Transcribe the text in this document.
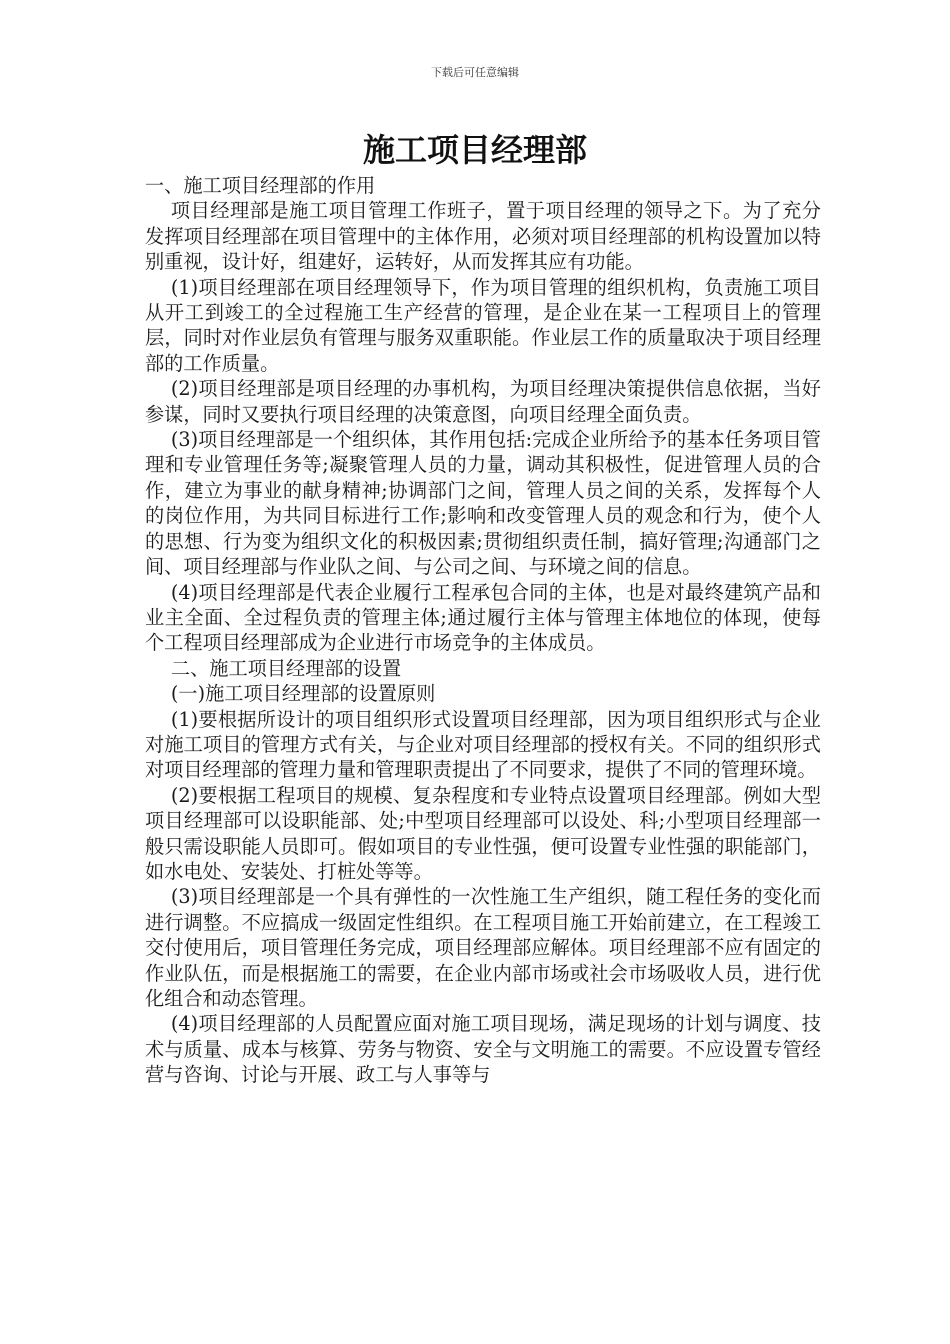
下载后可任意编辑
施工项目经理部

一、施工项目经理部的作用

项目经理部是施工项目管理工作班子，置于项目经理的领导之下。为了充分发挥项目经理部在项目管理中的主体作用，必须对项目经理部的机构设置加以特别重视，设计好，组建好，运转好，从而发挥其应有功能。

(1)项目经理部在项目经理领导下，作为项目管理的组织机构，负责施工项目从开工到竣工的全过程施工生产经营的管理，是企业在某一工程项目上的管理层，同时对作业层负有管理与服务双重职能。作业层工作的质量取决于项目经理部的工作质量。

(2)项目经理部是项目经理的办事机构，为项目经理决策提供信息依据，当好参谋，同时又要执行项目经理的决策意图，向项目经理全面负责。

(3)项目经理部是一个组织体，其作用包括:完成企业所给予的基本任务项目管理和专业管理任务等;凝聚管理人员的力量，调动其积极性，促进管理人员的合作，建立为事业的献身精神;协调部门之间，管理人员之间的关系，发挥每个人的岗位作用，为共同目标进行工作;影响和改变管理人员的观念和行为，使个人的思想、行为变为组织文化的积极因素;贯彻组织责任制，搞好管理;沟通部门之间、项目经理部与作业队之间、与公司之间、与环境之间的信息。

(4)项目经理部是代表企业履行工程承包合同的主体，也是对最终建筑产品和业主全面、全过程负责的管理主体;通过履行主体与管理主体地位的体现，使每个工程项目经理部成为企业进行市场竞争的主体成员。

二、施工项目经理部的设置

(一)施工项目经理部的设置原则

(1)要根据所设计的项目组织形式设置项目经理部，因为项目组织形式与企业对施工项目的管理方式有关，与企业对项目经理部的授权有关。不同的组织形式对项目经理部的管理力量和管理职责提出了不同要求，提供了不同的管理环境。

(2)要根据工程项目的规模、复杂程度和专业特点设置项目经理部。例如大型项目经理部可以设职能部、处;中型项目经理部可以设处、科;小型项目经理部一般只需设职能人员即可。假如项目的专业性强，便可设置专业性强的职能部门，如水电处、安装处、打桩处等等。

(3)项目经理部是一个具有弹性的一次性施工生产组织，随工程任务的变化而进行调整。不应搞成一级固定性组织。在工程项目施工开始前建立，在工程竣工交付使用后，项目管理任务完成，项目经理部应解体。项目经理部不应有固定的作业队伍，而是根据施工的需要，在企业内部市场或社会市场吸收人员，进行优化组合和动态管理。

(4)项目经理部的人员配置应面对施工项目现场，满足现场的计划与调度、技术与质量、成本与核算、劳务与物资、安全与文明施工的需要。不应设置专管经营与咨询、讨论与开展、政工与人事等与
